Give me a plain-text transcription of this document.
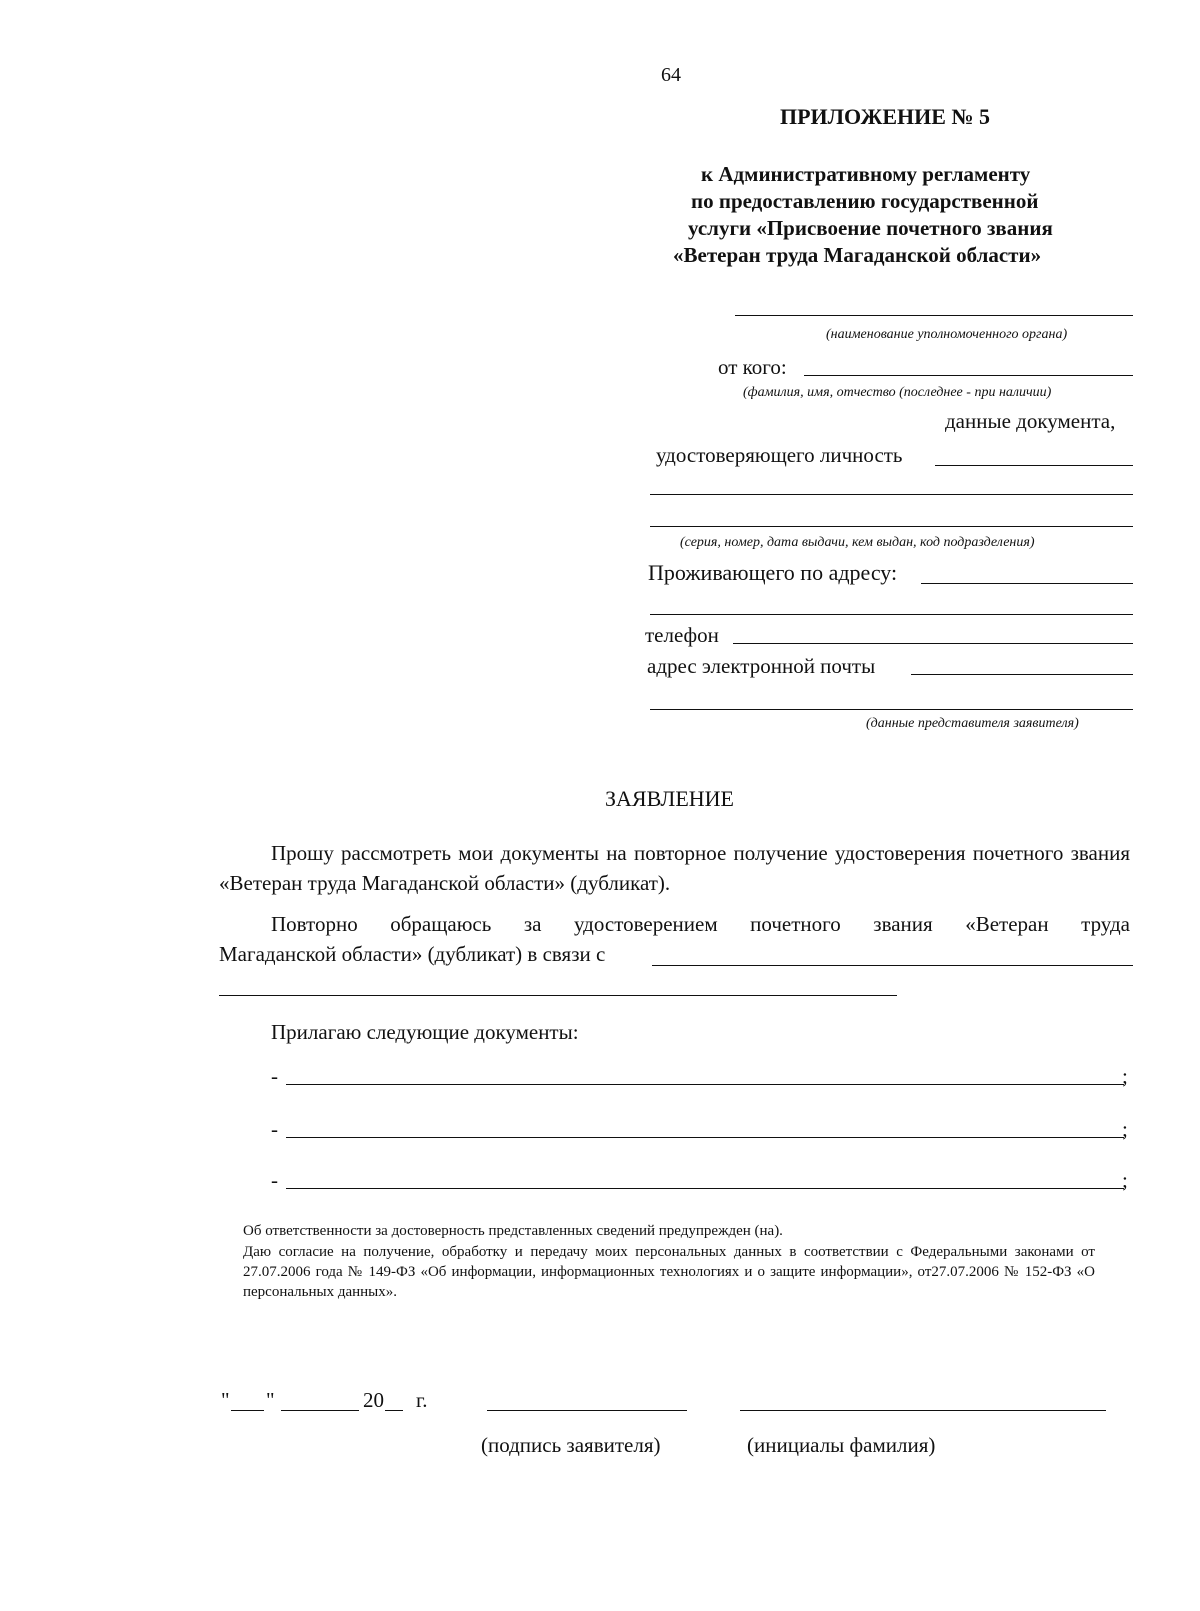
64
ПРИЛОЖЕНИЕ № 5
к Административному регламенту
по предоставлению государственной
услуги «Присвоение почетного звания
«Ветеран труда Магаданской области»
(наименование уполномоченного органа)
от кого:
(фамилия, имя, отчество (последнее - при наличии)
данные документа,
удостоверяющего личность
(серия, номер, дата выдачи, кем выдан, код подразделения)
Проживающего по адресу:
телефон
адрес электронной почты
(данные представителя заявителя)
ЗАЯВЛЕНИЕ
Прошу рассмотреть мои документы на повторное получение удостоверения почетного звания «Ветеран труда Магаданской области» (дубликат).
Повторно обращаюсь за удостоверением почетного звания «Ветеран труда
Магаданской области» (дубликат) в связи с
Прилагаю следующие документы:
-	;
-	;
-	;
Об ответственности за достоверность представленных сведений предупрежден (на).
Даю согласие на получение, обработку и передачу моих персональных данных в соответствии с Федеральными законами от 27.07.2006 года № 149-ФЗ «Об информации, информационных технологиях и о защите информации», от27.07.2006 № 152-ФЗ «О персональных данных».
" "	20 г.
(подпись заявителя)	(инициалы фамилия)
